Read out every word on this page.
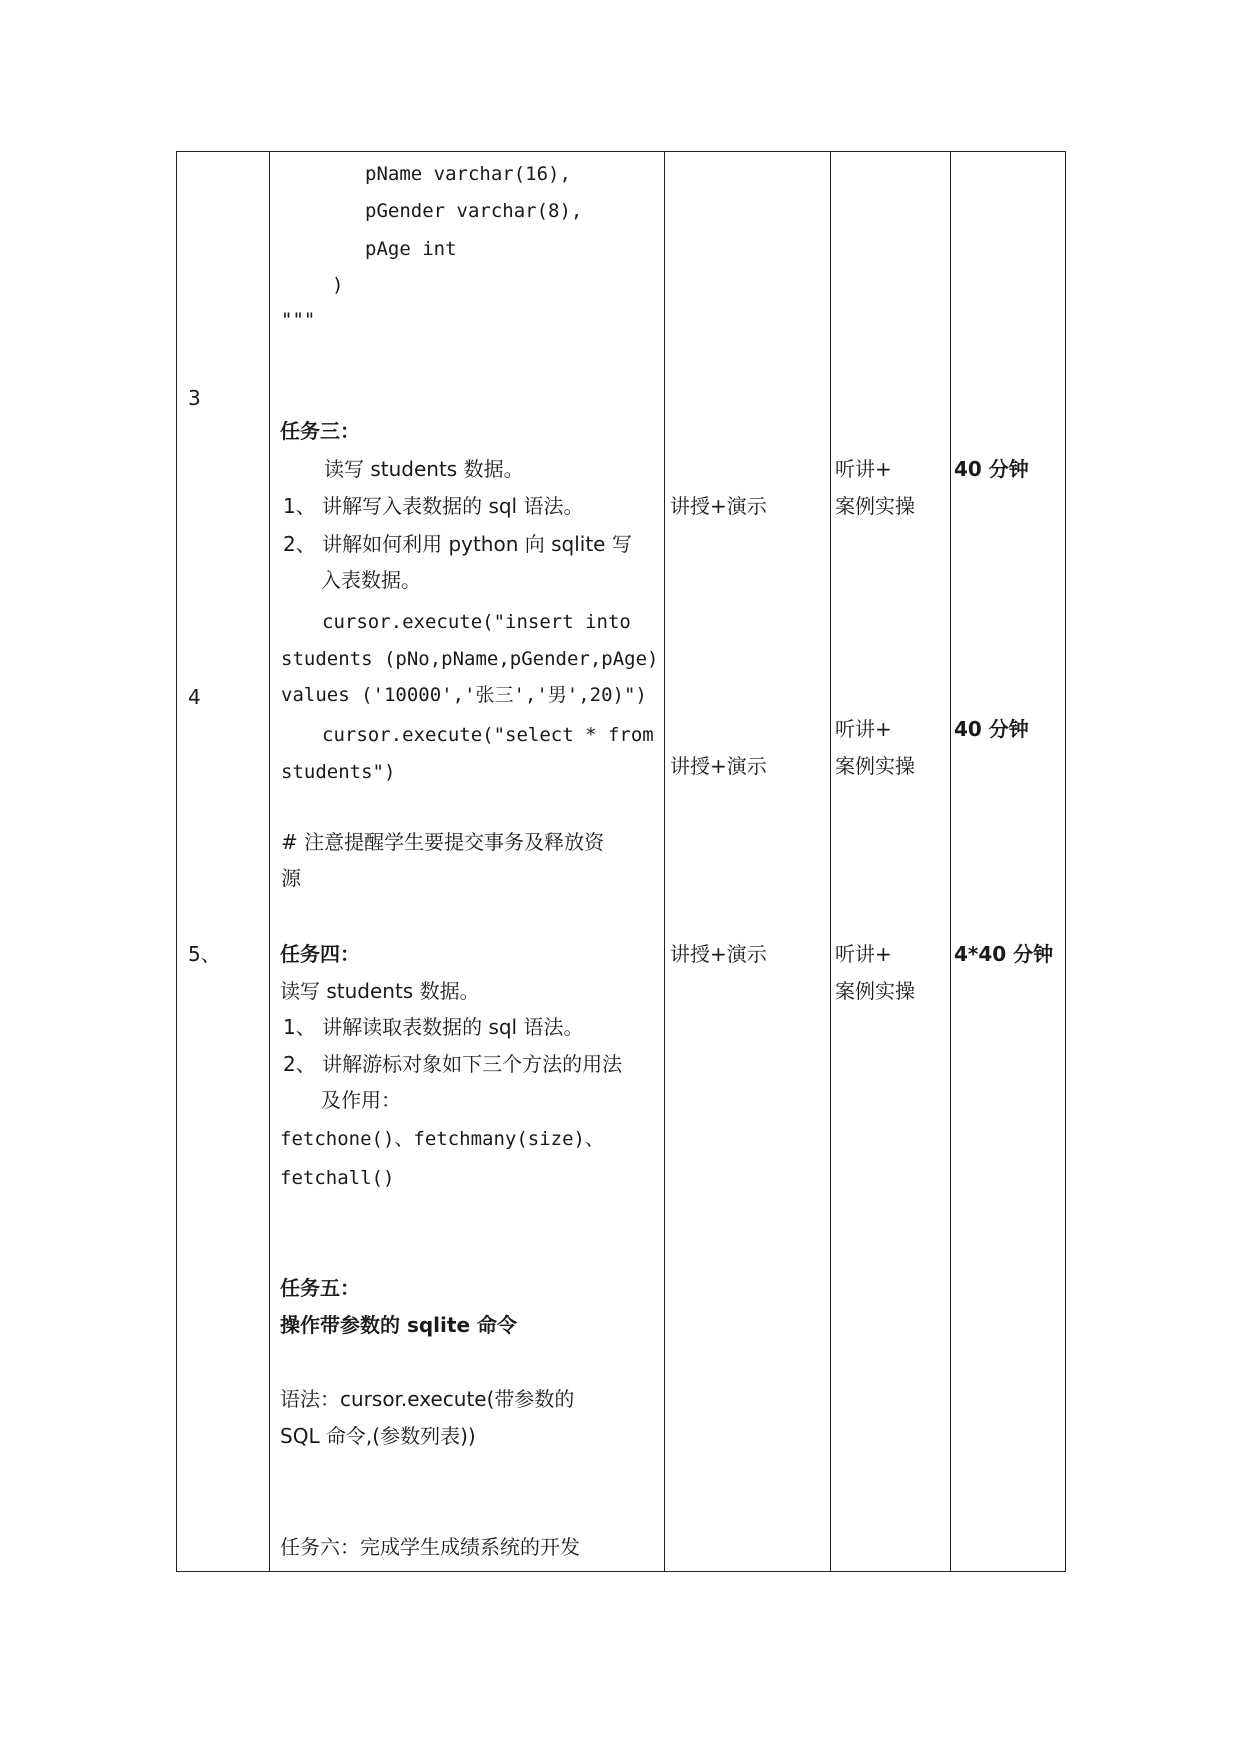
3
4
5、
pName varchar(16),
pGender varchar(8),
pAge int
)
"""
任务三：
读写 students 数据。
1、 讲解写入表数据的 sql 语法。
2、 讲解如何利用 python 向 sqlite 写
入表数据。
cursor.execute("insert into
students (pNo,pName,pGender,pAge)
values ('10000','张三','男',20)")
cursor.execute("select * from
students")
# 注意提醒学生要提交事务及释放资
源
任务四：
读写 students 数据。
1、 讲解读取表数据的 sql 语法。
2、 讲解游标对象如下三个方法的用法
及作用：
fetchone()、fetchmany(size)、
fetchall()
任务五：
操作带参数的 sqlite 命令
语法：cursor.execute(带参数的
SQL 命令,(参数列表))
任务六：完成学生成绩系统的开发
讲授+演示
讲授+演示
讲授+演示
听讲+
案例实操
听讲+
案例实操
听讲+
案例实操
40 分钟
40 分钟
4*40 分钟
